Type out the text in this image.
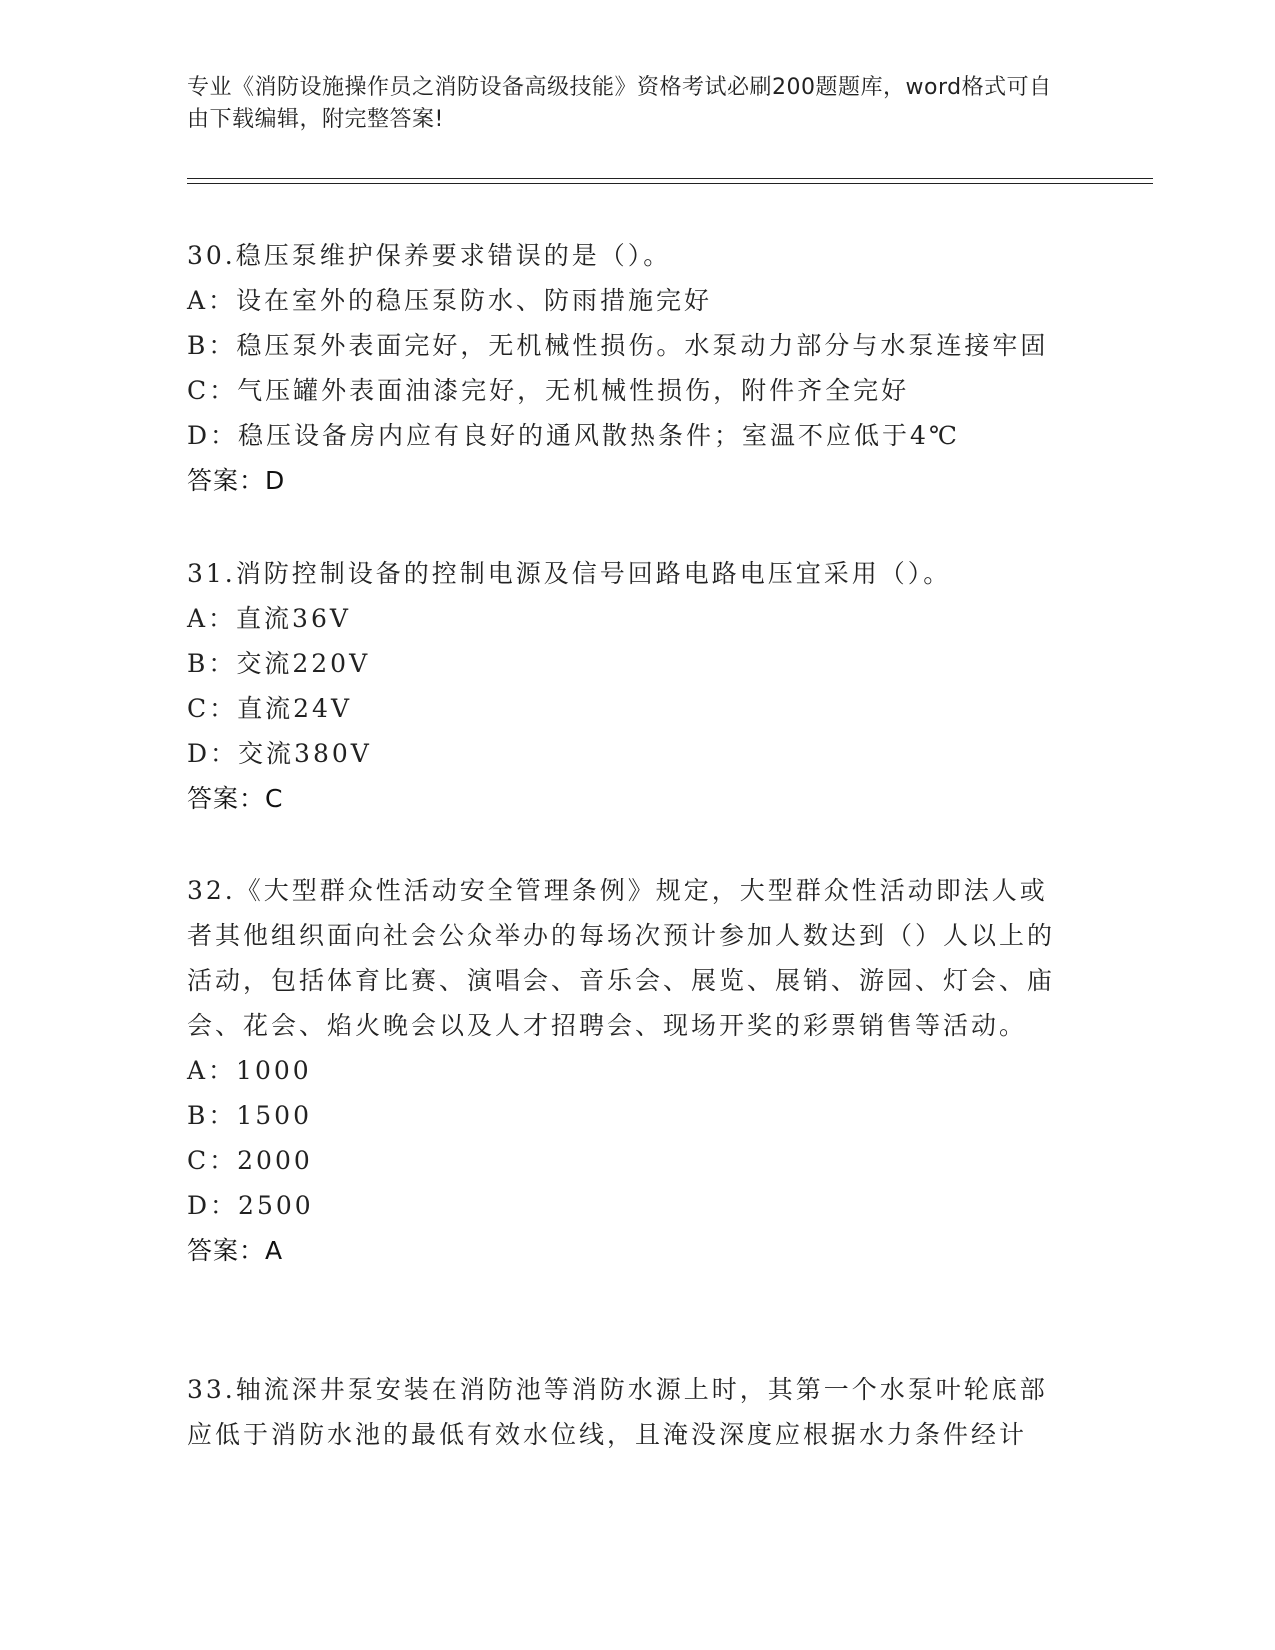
专业《消防设施操作员之消防设备高级技能》资格考试必刷200题题库，word格式可自由下载编辑，附完整答案!
30.稳压泵维护保养要求错误的是（）。
A：设在室外的稳压泵防水、防雨措施完好
B：稳压泵外表面完好，无机械性损伤。水泵动力部分与水泵连接牢固
C：气压罐外表面油漆完好，无机械性损伤，附件齐全完好
D：稳压设备房内应有良好的通风散热条件；室温不应低于4℃
答案：D
31.消防控制设备的控制电源及信号回路电路电压宜采用（）。
A：直流36V
B：交流220V
C：直流24V
D：交流380V
答案：C
32.《大型群众性活动安全管理条例》规定，大型群众性活动即法人或者其他组织面向社会公众举办的每场次预计参加人数达到（）人以上的活动，包括体育比赛、演唱会、音乐会、展览、展销、游园、灯会、庙会、花会、焰火晚会以及人才招聘会、现场开奖的彩票销售等活动。
A：1000
B：1500
C：2000
D：2500
答案：A
33.轴流深井泵安装在消防池等消防水源上时，其第一个水泵叶轮底部应低于消防水池的最低有效水位线，且淹没深度应根据水力条件经计
